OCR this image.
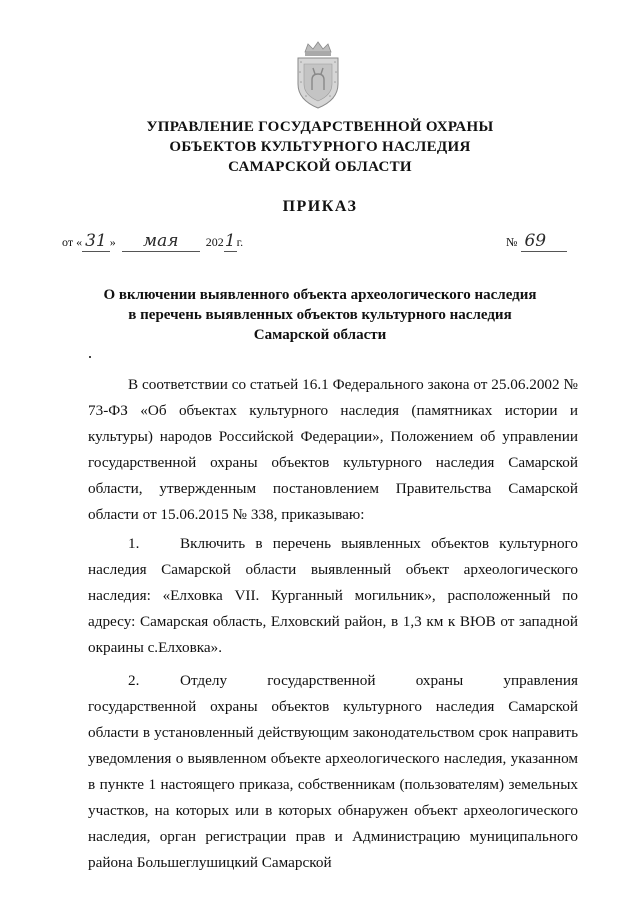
УПРАВЛЕНИЕ ГОСУДАРСТВЕННОЙ ОХРАНЫ
ОБЪЕКТОВ КУЛЬТУРНОГО НАСЛЕДИЯ
САМАРСКОЙ ОБЛАСТИ
ПРИКАЗ
от « 31 »	мая	202 1 г.	№ 69
О включении выявленного объекта археологического наследия
в перечень выявленных объектов культурного наследия
Самарской области

В соответствии со статьей 16.1 Федерального закона от 25.06.2002 № 73-ФЗ «Об объектах культурного наследия (памятниках истории и культуры) народов Российской Федерации», Положением об управлении государственной охраны объектов культурного наследия Самарской области, утвержденным постановлением Правительства Самарской области от 15.06.2015 № 338, приказываю:

1.	Включить в перечень выявленных объектов культурного наследия Самарской области выявленный объект археологического наследия: «Елховка VII. Курганный могильник», расположенный по адресу: Самарская область, Елховский район, в 1,3 км к ВЮВ от западной окраины с.Елховка».

2.	Отделу государственной охраны управления государственной охраны объектов культурного наследия Самарской области в установленный действующим законодательством срок направить уведомления о выявленном объекте археологического наследия, указанном в пункте 1 настоящего приказа, собственникам (пользователям) земельных участков, на которых или в которых обнаружен объект археологического наследия, орган регистрации прав и Администрацию муниципального района Большеглушицкий Самарской
